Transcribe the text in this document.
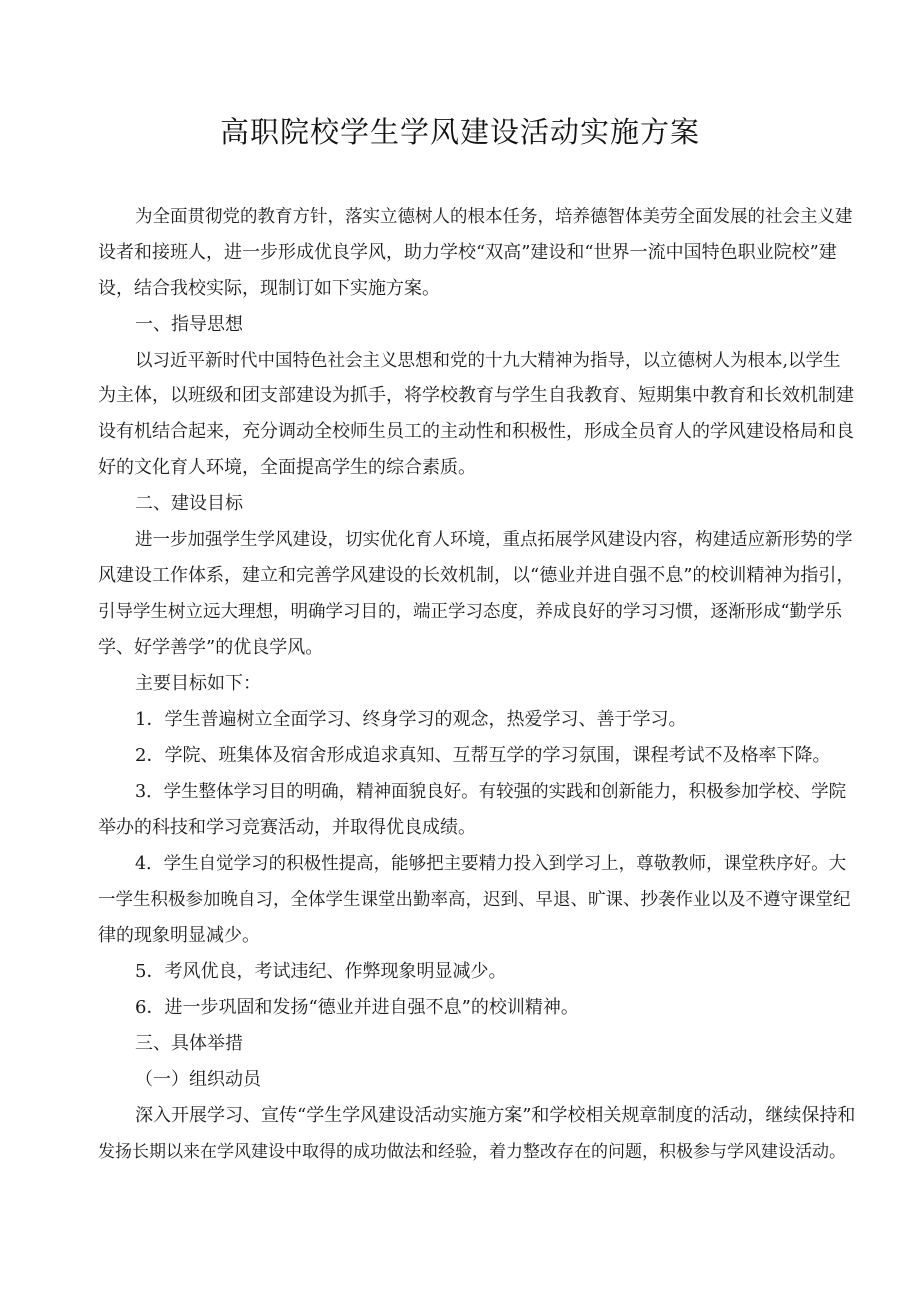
高职院校学生学风建设活动实施方案
为全面贯彻党的教育方针，落实立德树人的根本任务，培养德智体美劳全面发展的社会主义建
设者和接班人，进一步形成优良学风，助力学校“双高”建设和“世界一流中国特色职业院校”建
设，结合我校实际，现制订如下实施方案。
一、指导思想
以习近平新时代中国特色社会主义思想和党的十九大精神为指导，以立德树人为根本,以学生
为主体，以班级和团支部建设为抓手，将学校教育与学生自我教育、短期集中教育和长效机制建
设有机结合起来，充分调动全校师生员工的主动性和积极性，形成全员育人的学风建设格局和良
好的文化育人环境，全面提高学生的综合素质。
二、建设目标
进一步加强学生学风建设，切实优化育人环境，重点拓展学风建设内容，构建适应新形势的学
风建设工作体系，建立和完善学风建设的长效机制，以“德业并进自强不息”的校训精神为指引，
引导学生树立远大理想，明确学习目的，端正学习态度，养成良好的学习习惯，逐渐形成“勤学乐
学、好学善学”的优良学风。
主要目标如下：
1．学生普遍树立全面学习、终身学习的观念，热爱学习、善于学习。
2．学院、班集体及宿舍形成追求真知、互帮互学的学习氛围，课程考试不及格率下降。
3．学生整体学习目的明确，精神面貌良好。有较强的实践和创新能力，积极参加学校、学院
举办的科技和学习竞赛活动，并取得优良成绩。
4．学生自觉学习的积极性提高，能够把主要精力投入到学习上，尊敬教师，课堂秩序好。大
一学生积极参加晚自习，全体学生课堂出勤率高，迟到、早退、旷课、抄袭作业以及不遵守课堂纪
律的现象明显减少。
5．考风优良，考试违纪、作弊现象明显减少。
6．进一步巩固和发扬“德业并进自强不息”的校训精神。
三、具体举措
（一）组织动员
深入开展学习、宣传“学生学风建设活动实施方案”和学校相关规章制度的活动，继续保持和
发扬长期以来在学风建设中取得的成功做法和经验，着力整改存在的问题，积极参与学风建设活动。
